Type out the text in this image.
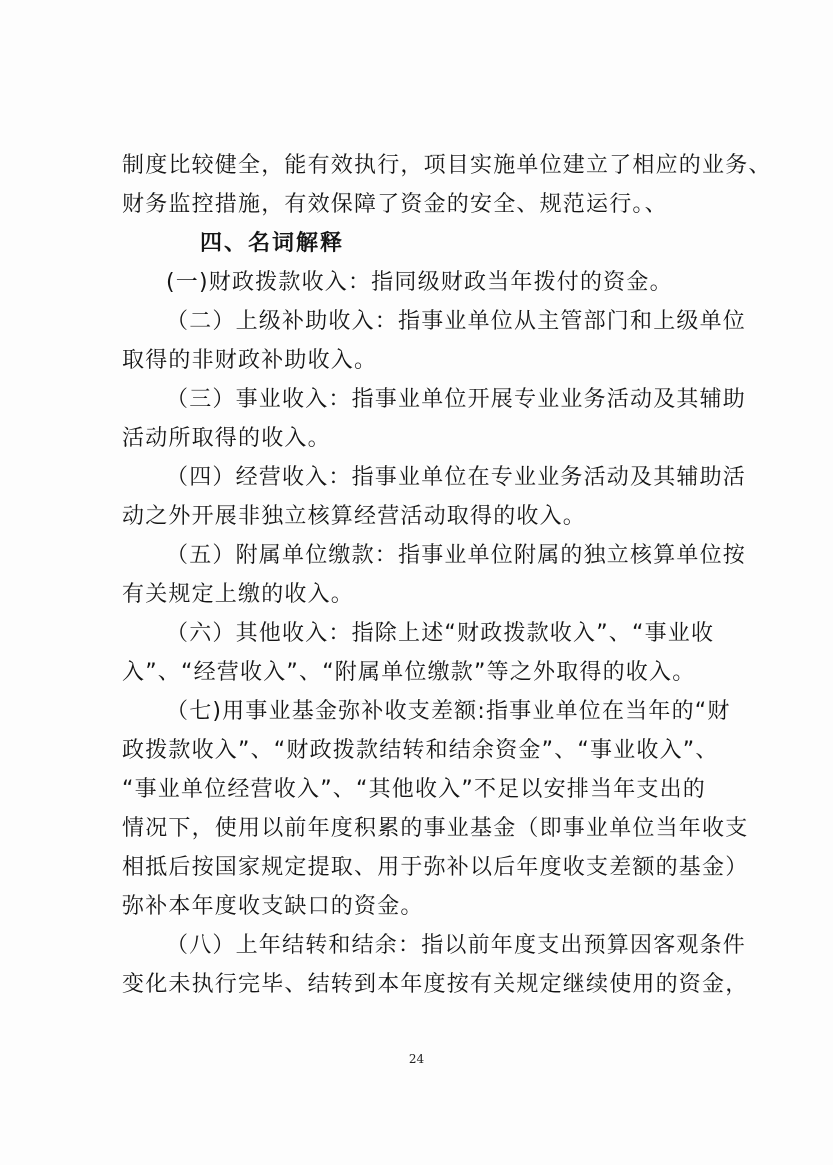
制度比较健全，能有效执行，项目实施单位建立了相应的业务、
财务监控措施，有效保障了资金的安全、规范运行。、
四、名词解释
(一)财政拨款收入：指同级财政当年拨付的资金。
（二）上级补助收入：指事业单位从主管部门和上级单位
取得的非财政补助收入。
（三）事业收入：指事业单位开展专业业务活动及其辅助
活动所取得的收入。
（四）经营收入：指事业单位在专业业务活动及其辅助活
动之外开展非独立核算经营活动取得的收入。
（五）附属单位缴款：指事业单位附属的独立核算单位按
有关规定上缴的收入。
（六）其他收入：指除上述“财政拨款收入”、“事业收
入”、“经营收入”、“附属单位缴款”等之外取得的收入。
（七)用事业基金弥补收支差额:指事业单位在当年的“财
政拨款收入”、“财政拨款结转和结余资金”、“事业收入”、
“事业单位经营收入”、“其他收入”不足以安排当年支出的
情况下，使用以前年度积累的事业基金（即事业单位当年收支
相抵后按国家规定提取、用于弥补以后年度收支差额的基金）
弥补本年度收支缺口的资金。
（八）上年结转和结余：指以前年度支出预算因客观条件
变化未执行完毕、结转到本年度按有关规定继续使用的资金，
24
